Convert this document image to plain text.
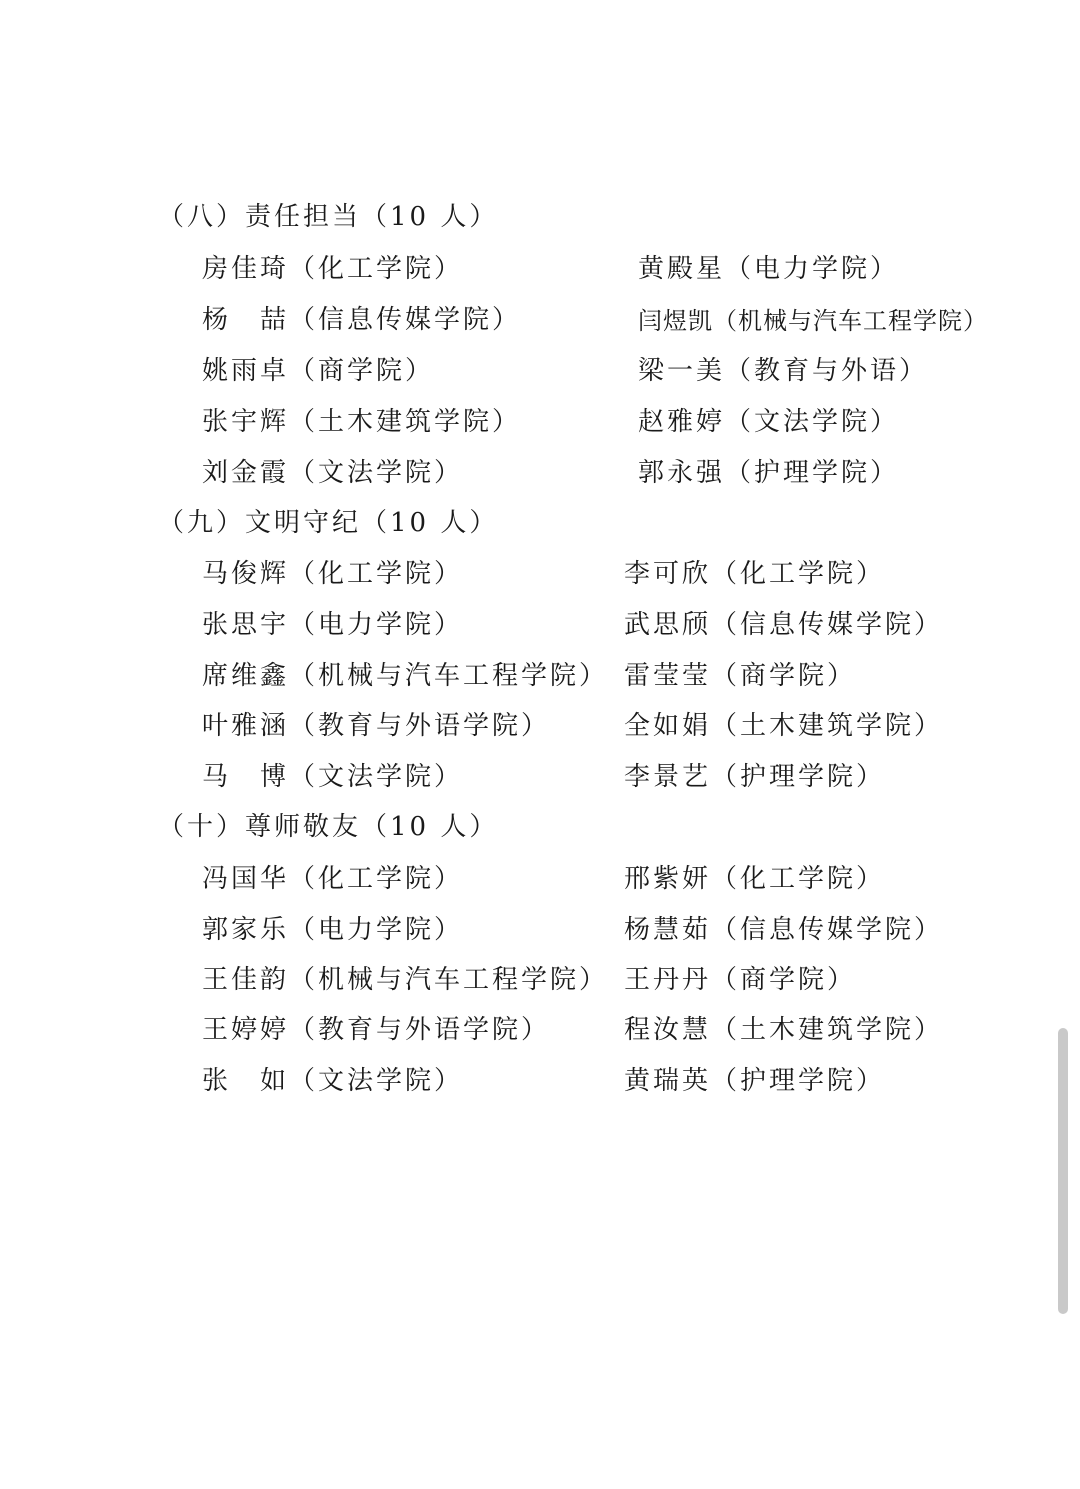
（八）责任担当（10 人）
房佳琦（化工学院）
杨　喆（信息传媒学院）
姚雨卓（商学院）
张宇辉（土木建筑学院）
刘金霞（文法学院）
黄殿星（电力学院）
闫煜凯（机械与汽车工程学院）
梁一美（教育与外语）
赵雅婷（文法学院）
郭永强（护理学院）
（九）文明守纪（10 人）
马俊辉（化工学院）
张思宇（电力学院）
席维鑫（机械与汽车工程学院）
叶雅涵（教育与外语学院）
马　博（文法学院）
李可欣（化工学院）
武思颀（信息传媒学院）
雷莹莹（商学院）
全如娟（土木建筑学院）
李景艺（护理学院）
（十）尊师敬友（10 人）
冯国华（化工学院）
郭家乐（电力学院）
王佳韵（机械与汽车工程学院）
王婷婷（教育与外语学院）
张　如（文法学院）
邢紫妍（化工学院）
杨慧茹（信息传媒学院）
王丹丹（商学院）
程汝慧（土木建筑学院）
黄瑞英（护理学院）
